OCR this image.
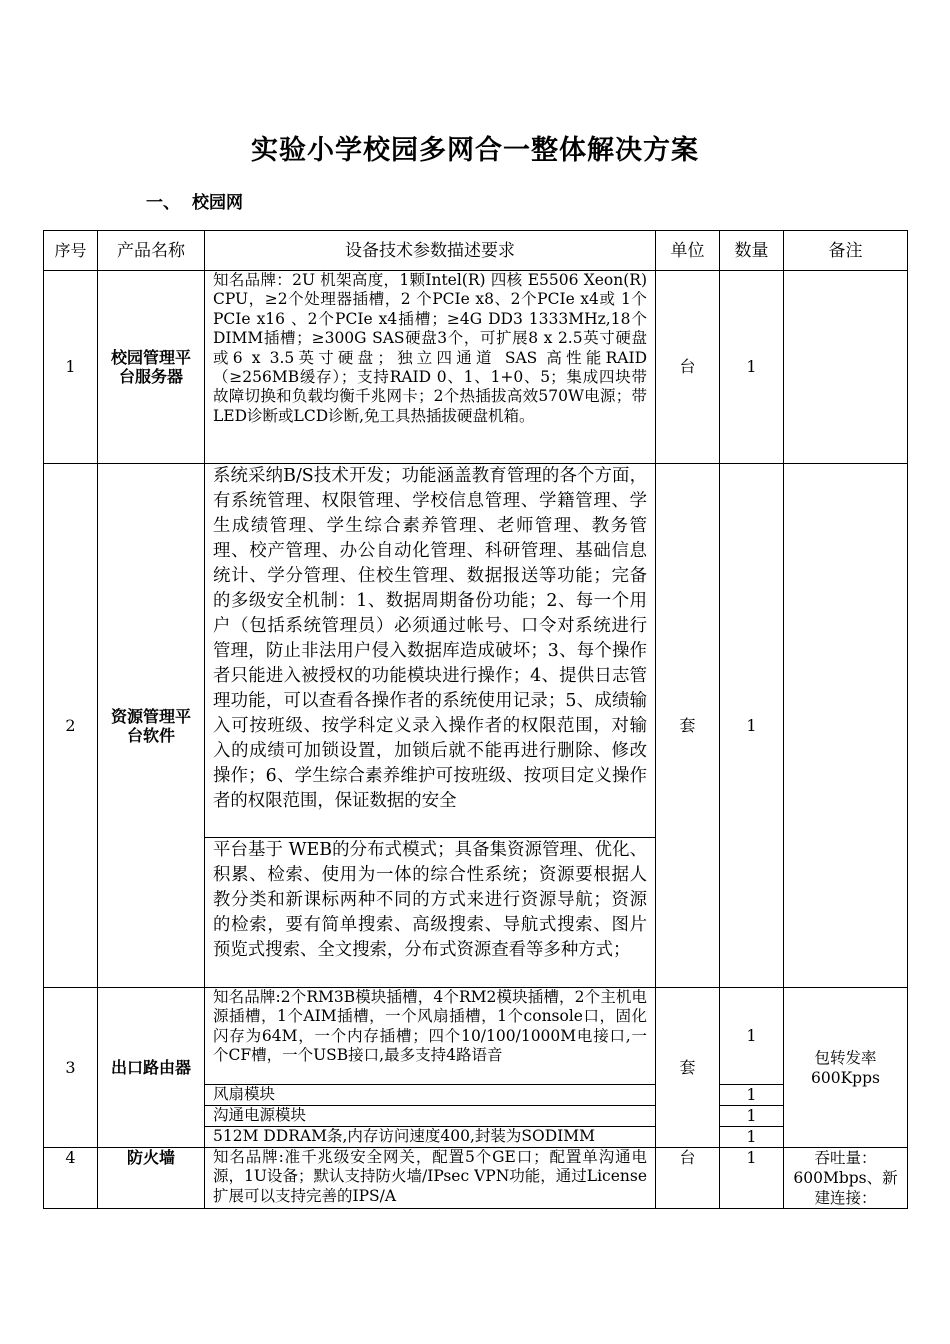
实验小学校园多网合一整体解决方案
一、 校园网
序号	产品名称	设备技术参数描述要求	单位	数量	备注
1	校园管理平台服务器	知名品牌：2U 机架高度，1颗Intel(R) 四核 E5506 Xeon(R) CPU，≥2个处理器插槽，2 个PCIe x8、2个PCIe x4或 1个PCIe x16 、2个PCIe x4插槽；≥4G DD3 1333MHz,18个DIMM插槽；≥300G SAS硬盘3个，可扩展8 x 2.5英寸硬盘或6 x 3.5英寸硬盘；独立四通道 SAS 高性能RAID（≥256MB缓存）；支持RAID 0、1、1+0、5；集成四块带故障切换和负载均衡千兆网卡；2个热插拔高效570W电源；带LED诊断或LCD诊断,免工具热插拔硬盘机箱。	台	1	
2	资源管理平台软件	系统采纳B/S技术开发；功能涵盖教育管理的各个方面，有系统管理、权限管理、学校信息管理、学籍管理、学生成绩管理、学生综合素养管理、老师管理、教务管理、校产管理、办公自动化管理、科研管理、基础信息统计、学分管理、住校生管理、数据报送等功能；完备的多级安全机制：1、数据周期备份功能；2、每一个用户（包括系统管理员）必须通过帐号、口令对系统进行管理，防止非法用户侵入数据库造成破坏；3、每个操作者只能进入被授权的功能模块进行操作；4、提供日志管理功能，可以查看各操作者的系统使用记录；5、成绩输入可按班级、按学科定义录入操作者的权限范围，对输入的成绩可加锁设置，加锁后就不能再进行删除、修改操作；6、学生综合素养维护可按班级、按项目定义操作者的权限范围，保证数据的安全	套	1	
		平台基于 WEB的分布式模式；具备集资源管理、优化、积累、检索、使用为一体的综合性系统；资源要根据人教分类和新课标两种不同的方式来进行资源导航；资源的检索，要有简单搜索、高级搜索、导航式搜索、图片预览式搜索、全文搜索，分布式资源查看等多种方式；			
3	出口路由器	知名品牌:2个RM3B模块插槽，4个RM2模块插槽，2个主机电源插槽，1个AIM插槽，一个风扇插槽，1个console口，固化闪存为64M，一个内存插槽；四个10/100/1000M电接口,一个CF槽，一个USB接口,最多支持4路语音	套	1	包转发率600Kpps
		风扇模块		1	
		沟通电源模块		1	
		512M DDRAM条,内存访问速度400,封装为SODIMM		1	
4	防火墙	知名品牌:准千兆级安全网关，配置5个GE口；配置单沟通电源，1U设备；默认支持防火墙/IPsec VPN功能，通过License扩展可以支持完善的IPS/A	台	1	吞吐量：600Mbps、新建连接：
